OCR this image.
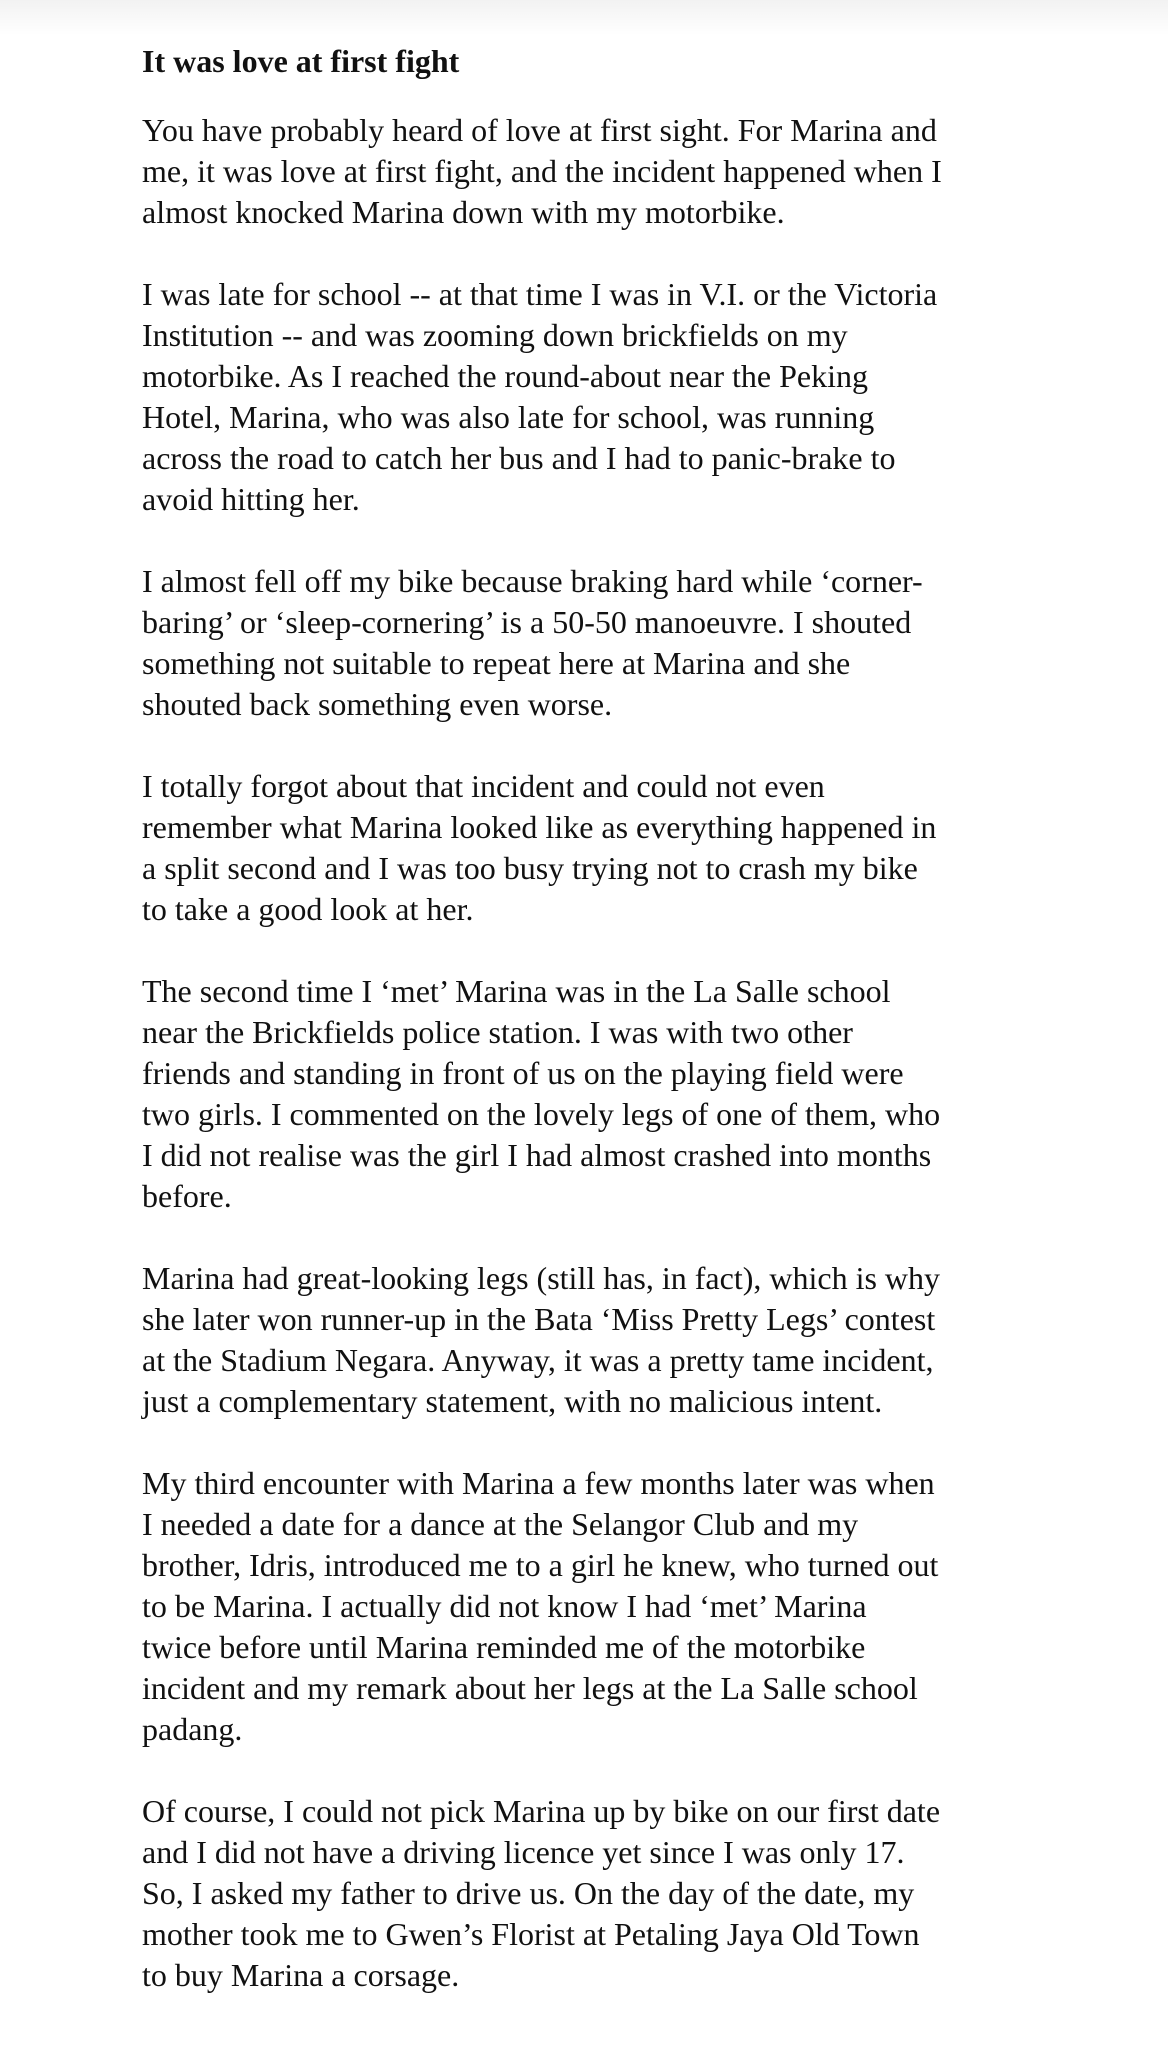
It was love at first fight

You have probably heard of love at first sight. For Marina and
me, it was love at first fight, and the incident happened when I
almost knocked Marina down with my motorbike.

I was late for school -- at that time I was in V.I. or the Victoria
Institution -- and was zooming down brickfields on my
motorbike. As I reached the round-about near the Peking
Hotel, Marina, who was also late for school, was running
across the road to catch her bus and I had to panic-brake to
avoid hitting her.

I almost fell off my bike because braking hard while ‘corner-
baring’ or ‘sleep-cornering’ is a 50-50 manoeuvre. I shouted
something not suitable to repeat here at Marina and she
shouted back something even worse.

I totally forgot about that incident and could not even
remember what Marina looked like as everything happened in
a split second and I was too busy trying not to crash my bike
to take a good look at her.

The second time I ‘met’ Marina was in the La Salle school
near the Brickfields police station. I was with two other
friends and standing in front of us on the playing field were
two girls. I commented on the lovely legs of one of them, who
I did not realise was the girl I had almost crashed into months
before.

Marina had great-looking legs (still has, in fact), which is why
she later won runner-up in the Bata ‘Miss Pretty Legs’ contest
at the Stadium Negara. Anyway, it was a pretty tame incident,
just a complementary statement, with no malicious intent.

My third encounter with Marina a few months later was when
I needed a date for a dance at the Selangor Club and my
brother, Idris, introduced me to a girl he knew, who turned out
to be Marina. I actually did not know I had ‘met’ Marina
twice before until Marina reminded me of the motorbike
incident and my remark about her legs at the La Salle school
padang.

Of course, I could not pick Marina up by bike on our first date
and I did not have a driving licence yet since I was only 17.
So, I asked my father to drive us. On the day of the date, my
mother took me to Gwen’s Florist at Petaling Jaya Old Town
to buy Marina a corsage.
